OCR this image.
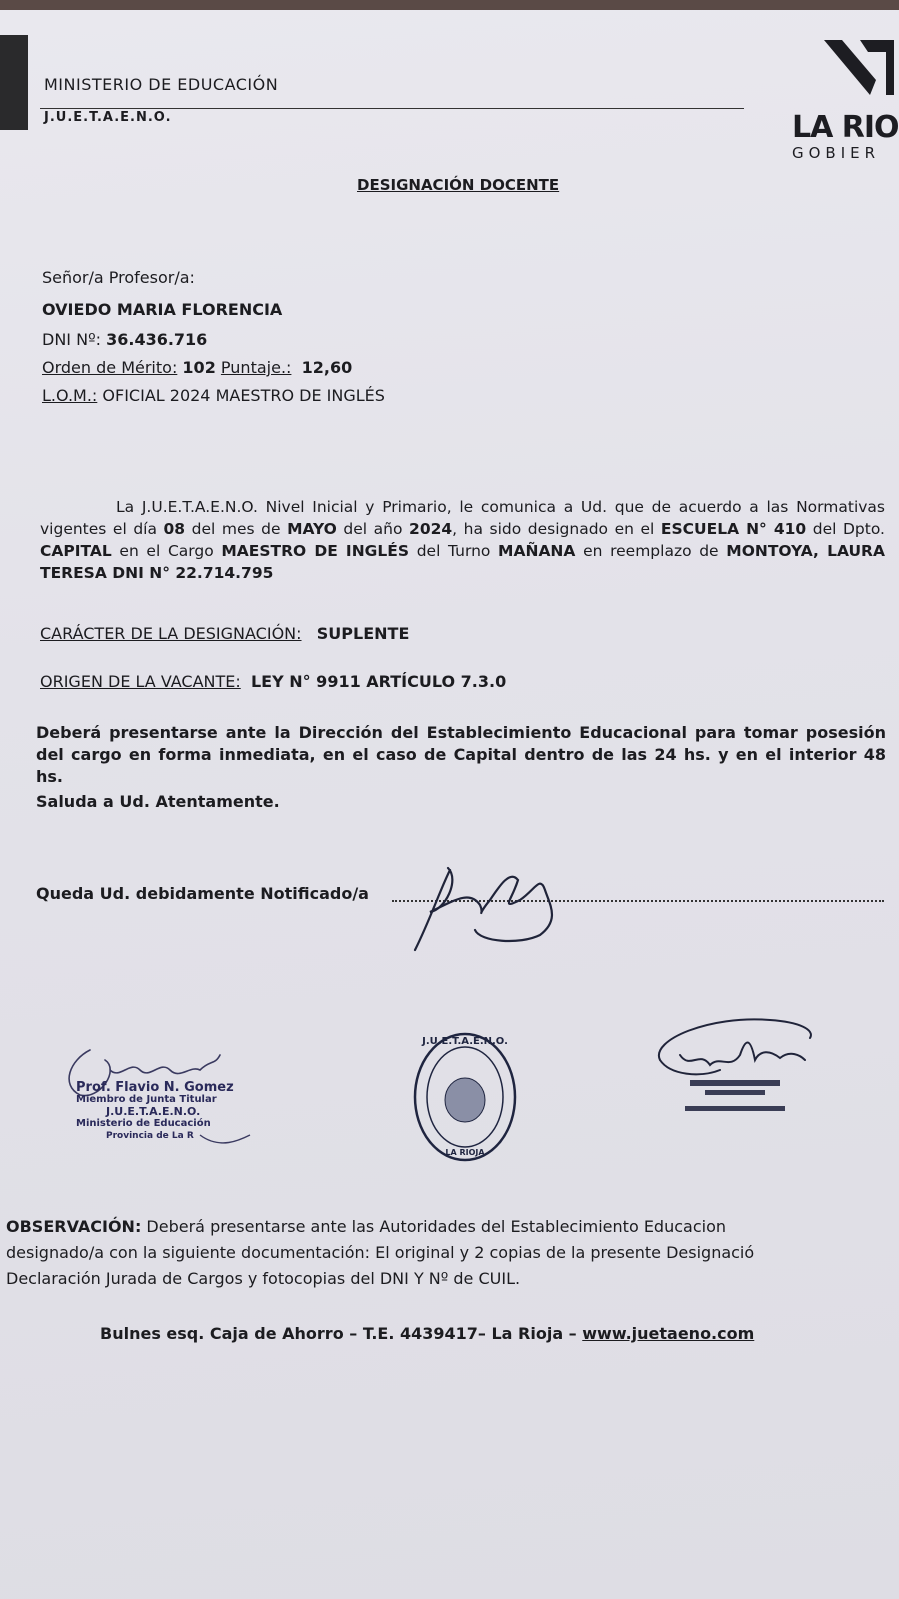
MINISTERIO DE EDUCACIÓN
J.U.E.T.A.E.N.O.	LA RIO
GOBIER
DESIGNACIÓN DOCENTE
Señor/a Profesor/a:
OVIEDO MARIA FLORENCIA
DNI Nº: 36.436.716
Orden de Mérito: 102 Puntaje.: 12,60
L.O.M.: OFICIAL 2024 MAESTRO DE INGLÉS
La J.U.E.T.A.E.N.O. Nivel Inicial y Primario, le comunica a Ud. que de acuerdo a las Normativas vigentes el día 08 del mes de MAYO del año 2024, ha sido designado en el ESCUELA N° 410 del Dpto. CAPITAL en el Cargo MAESTRO DE INGLÉS del Turno MAÑANA en reemplazo de MONTOYA, LAURA TERESA DNI N° 22.714.795
CARÁCTER DE LA DESIGNACIÓN: SUPLENTE
ORIGEN DE LA VACANTE: LEY N° 9911 ARTÍCULO 7.3.0
Deberá presentarse ante la Dirección del Establecimiento Educacional para tomar posesión del cargo en forma inmediata, en el caso de Capital dentro de las 24 hs. y en el interior 48 hs.
Saluda a Ud. Atentamente.
Queda Ud. debidamente Notificado/a
Prof. Flavio N. Gomez
Miembro de Junta Titular
J.U.E.T.A.E.N.O.
Ministerio de Educación
Provincia de La R
J.U.E.T.A.E.N.O.
LA RIOJA
OBSERVACIÓN: Deberá presentarse ante las Autoridades del Establecimiento Educacion
designado/a con la siguiente documentación: El original y 2 copias de la presente Designació
Declaración Jurada de Cargos y fotocopias del DNI Y Nº de CUIL.
Bulnes esq. Caja de Ahorro – T.E. 4439417– La Rioja – www.juetaeno.com
